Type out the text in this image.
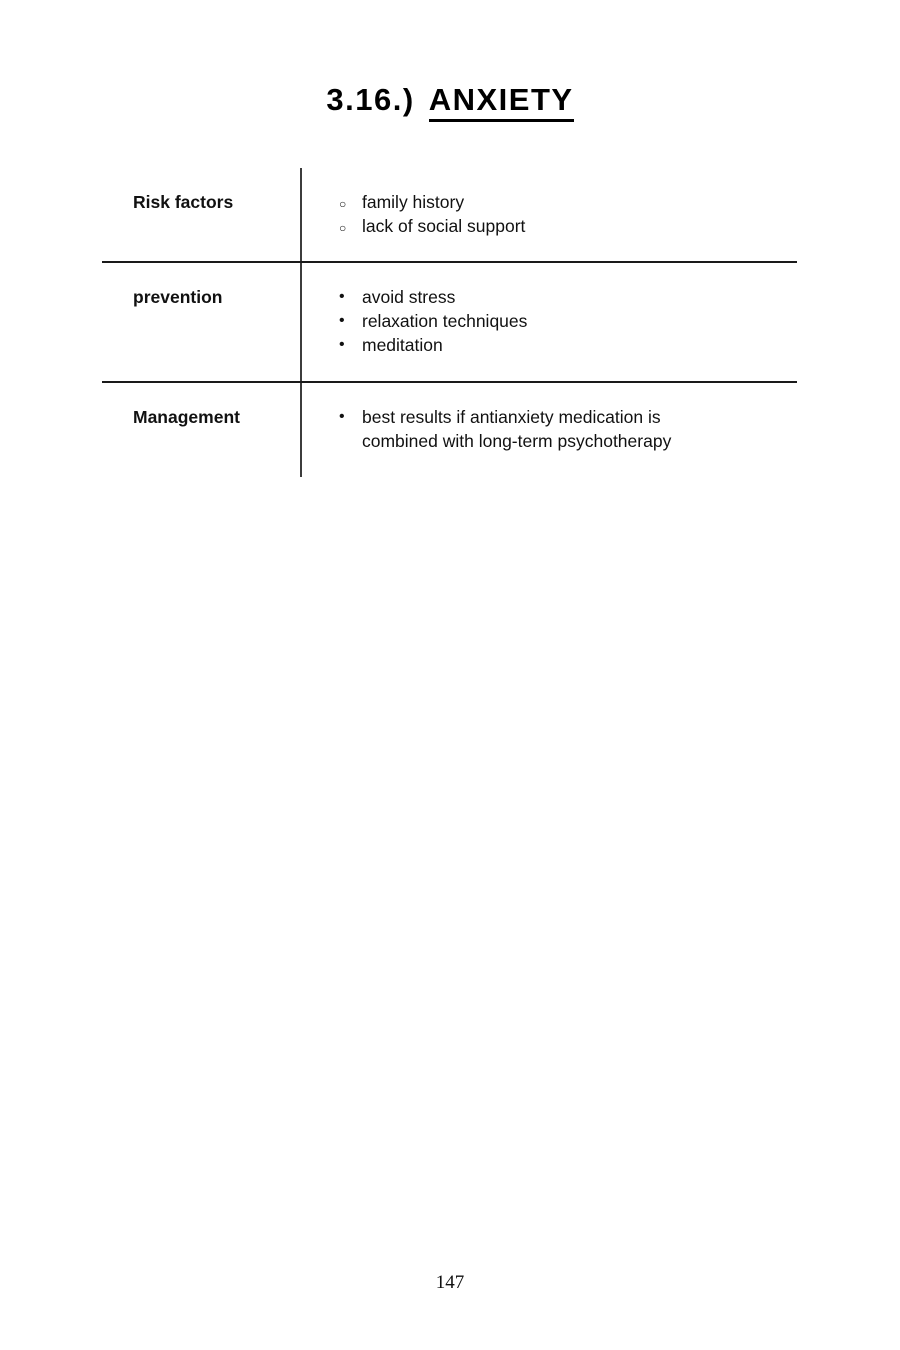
3.16.) ANXIETY
Risk factors	○ family history
○ lack of social support
prevention	• avoid stress
• relaxation techniques
• meditation
Management	• best results if antianxiety medication is combined with long-term psychotherapy
147
